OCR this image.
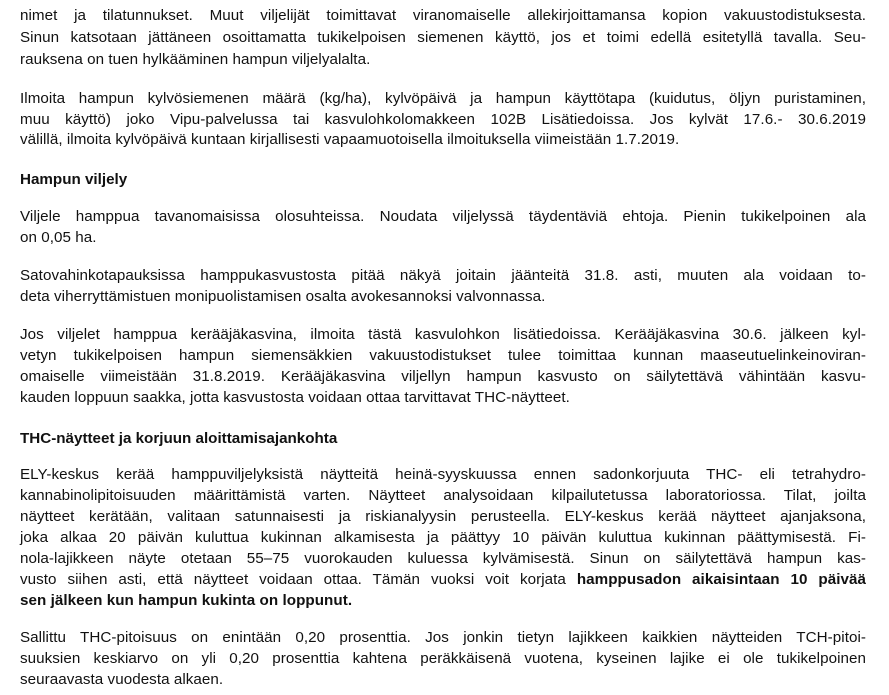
nimet ja tilatunnukset. Muut viljelijät toimittavat viranomaiselle allekirjoittamansa kopion vakuustodistuksesta.
Sinun katsotaan jättäneen osoittamatta tukikelpoisen siemenen käyttö, jos et toimi edellä esitetyllä tavalla. Seu-
rauksena on tuen hylkääminen hampun viljelyalalta.
Ilmoita hampun kylvösiemenen määrä (kg/ha), kylvöpäivä ja hampun käyttötapa (kuidutus, öljyn puristaminen,
muu käyttö) joko Vipu-palvelussa tai kasvulohkolomakkeen 102B Lisätiedoissa. Jos kylvät 17.6.- 30.6.2019
välillä, ilmoita kylvöpäivä kuntaan kirjallisesti vapaamuotoisella ilmoituksella viimeistään 1.7.2019.
Hampun viljely
Viljele hamppua tavanomaisissa olosuhteissa. Noudata viljelyssä täydentäviä ehtoja. Pienin tukikelpoinen ala
on 0,05 ha.
Satovahinkotapauksissa hamppukasvustosta pitää näkyä joitain jäänteitä 31.8. asti, muuten ala voidaan to-
deta viherryttämistuen monipuolistamisen osalta avokesannoksi valvonnassa.
Jos viljelet hamppua kerääjäkasvina, ilmoita tästä kasvulohkon lisätiedoissa. Kerääjäkasvina 30.6. jälkeen kyl-
vetyn tukikelpoisen hampun siemensäkkien vakuustodistukset tulee toimittaa kunnan maaseutuelinkeinoviran-
omaiselle viimeistään 31.8.2019. Kerääjäkasvina viljellyn hampun kasvusto on säilytettävä vähintään kasvu-
kauden loppuun saakka, jotta kasvustosta voidaan ottaa tarvittavat THC-näytteet.
THC-näytteet ja korjuun aloittamisajankohta
ELY-keskus kerää hamppuviljelyksistä näytteitä heinä-syyskuussa ennen sadonkorjuuta THC- eli tetrahydro-
kannabinolipitoisuuden määrittämistä varten. Näytteet analysoidaan kilpailutetussa laboratoriossa. Tilat, joilta
näytteet kerätään, valitaan satunnaisesti ja riskianalyysin perusteella. ELY-keskus kerää näytteet ajanjaksona,
joka alkaa 20 päivän kuluttua kukinnan alkamisesta ja päättyy 10 päivän kuluttua kukinnan päättymisestä. Fi-
nola-lajikkeen näyte otetaan 55–75 vuorokauden kuluessa kylvämisestä. Sinun on säilytettävä hampun kas-
vusto siihen asti, että näytteet voidaan ottaa. Tämän vuoksi voit korjata hamppusadon aikaisintaan 10 päivää
sen jälkeen kun hampun kukinta on loppunut.
Sallittu THC-pitoisuus on enintään 0,20 prosenttia. Jos jonkin tietyn lajikkeen kaikkien näytteiden TCH-pitoi-
suuksien keskiarvo on yli 0,20 prosenttia kahtena peräkkäisenä vuotena, kyseinen lajike ei ole tukikelpoinen
seuraavasta vuodesta alkaen.
